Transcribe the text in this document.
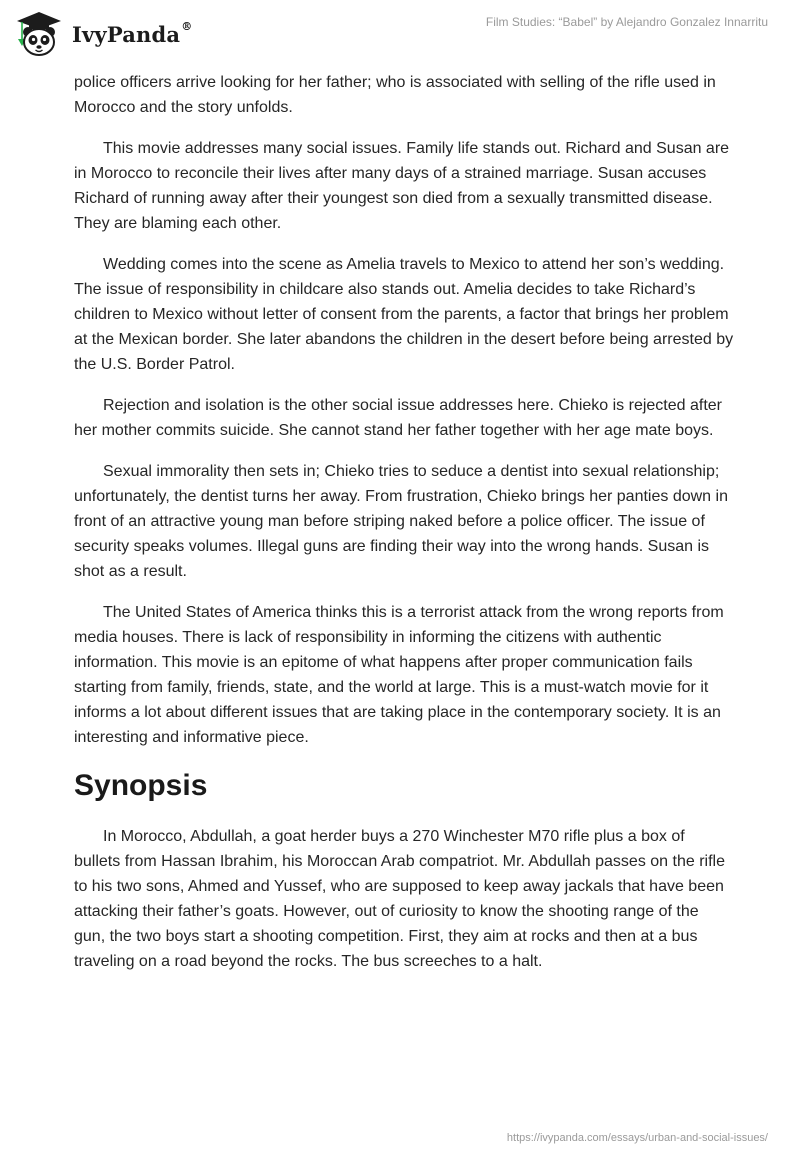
IvyPanda®	Film Studies: “Babel” by Alejandro Gonzalez Innarritu

police officers arrive looking for her father; who is associated with selling of the rifle used in Morocco and the story unfolds.

This movie addresses many social issues. Family life stands out. Richard and Susan are in Morocco to reconcile their lives after many days of a strained marriage. Susan accuses Richard of running away after their youngest son died from a sexually transmitted disease. They are blaming each other.

Wedding comes into the scene as Amelia travels to Mexico to attend her son’s wedding. The issue of responsibility in childcare also stands out. Amelia decides to take Richard’s children to Mexico without letter of consent from the parents, a factor that brings her problem at the Mexican border. She later abandons the children in the desert before being arrested by the U.S. Border Patrol.

Rejection and isolation is the other social issue addresses here. Chieko is rejected after her mother commits suicide. She cannot stand her father together with her age mate boys.

Sexual immorality then sets in; Chieko tries to seduce a dentist into sexual relationship; unfortunately, the dentist turns her away. From frustration, Chieko brings her panties down in front of an attractive young man before striping naked before a police officer. The issue of security speaks volumes. Illegal guns are finding their way into the wrong hands. Susan is shot as a result.

The United States of America thinks this is a terrorist attack from the wrong reports from media houses. There is lack of responsibility in informing the citizens with authentic information. This movie is an epitome of what happens after proper communication fails starting from family, friends, state, and the world at large. This is a must-watch movie for it informs a lot about different issues that are taking place in the contemporary society. It is an interesting and informative piece.

Synopsis

In Morocco, Abdullah, a goat herder buys a 270 Winchester M70 rifle plus a box of bullets from Hassan Ibrahim, his Moroccan Arab compatriot. Mr. Abdullah passes on the rifle to his two sons, Ahmed and Yussef, who are supposed to keep away jackals that have been attacking their father’s goats. However, out of curiosity to know the shooting range of the gun, the two boys start a shooting competition. First, they aim at rocks and then at a bus traveling on a road beyond the rocks. The bus screeches to a halt.

https://ivypanda.com/essays/urban-and-social-issues/
